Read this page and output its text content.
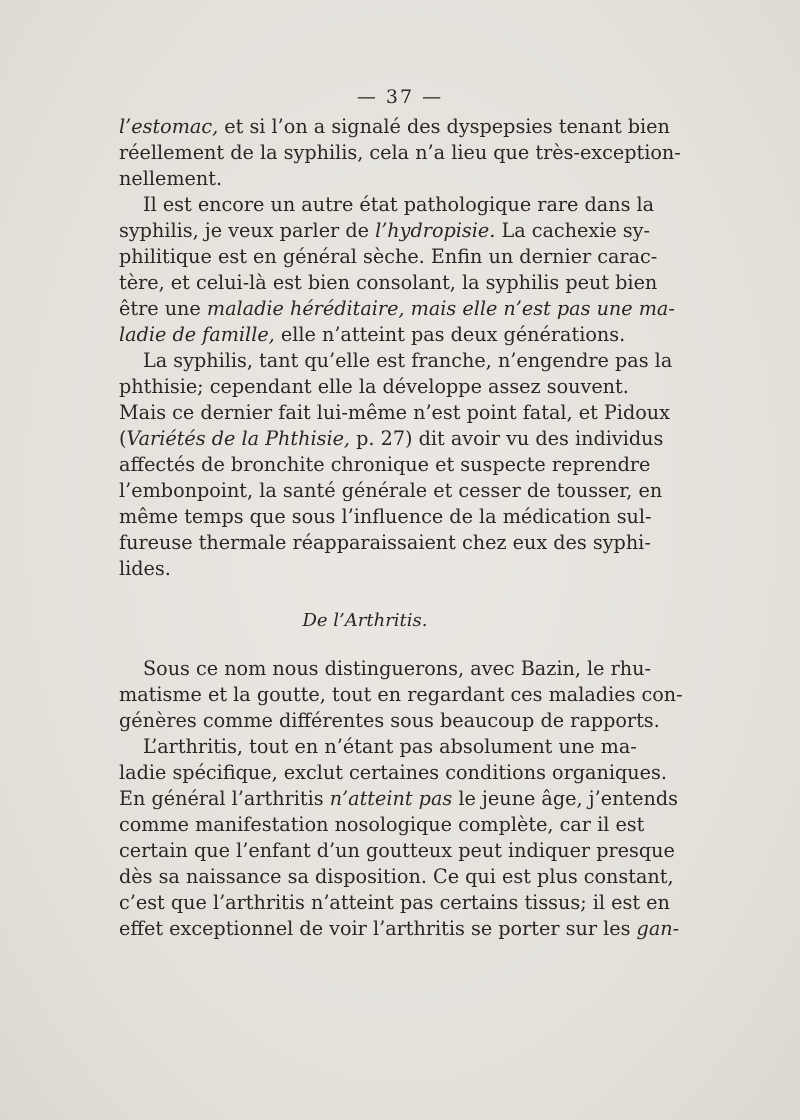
— 37 —

l’estomac, et si l’on a signalé des dyspepsies tenant bien
réellement de la syphilis, cela n’a lieu que très-exception-
nellement.

Il est encore un autre état pathologique rare dans la
syphilis, je veux parler de l’hydropisie. La cachexie sy-
philitique est en général sèche. Enfin un dernier carac-
tère, et celui-là est bien consolant, la syphilis peut bien
être une maladie héréditaire, mais elle n’est pas une ma-
ladie de famille, elle n’atteint pas deux générations.

La syphilis, tant qu’elle est franche, n’engendre pas la
phthisie; cependant elle la développe assez souvent.
Mais ce dernier fait lui-même n’est point fatal, et Pidoux
(Variétés de la Phthisie, p. 27) dit avoir vu des individus
affectés de bronchite chronique et suspecte reprendre
l’embonpoint, la santé générale et cesser de tousser, en
même temps que sous l’influence de la médication sul-
fureuse thermale réapparaissaient chez eux des syphi-
lides.

De l’Arthritis.

Sous ce nom nous distinguerons, avec Bazin, le rhu-
matisme et la goutte, tout en regardant ces maladies con-
génères comme différentes sous beaucoup de rapports.

L’arthritis, tout en n’étant pas absolument une ma-
ladie spécifique, exclut certaines conditions organiques.
En général l’arthritis n’atteint pas le jeune âge, j’entends
comme manifestation nosologique complète, car il est
certain que l’enfant d’un goutteux peut indiquer presque
dès sa naissance sa disposition. Ce qui est plus constant,
c’est que l’arthritis n’atteint pas certains tissus; il est en
effet exceptionnel de voir l’arthritis se porter sur les gan-
